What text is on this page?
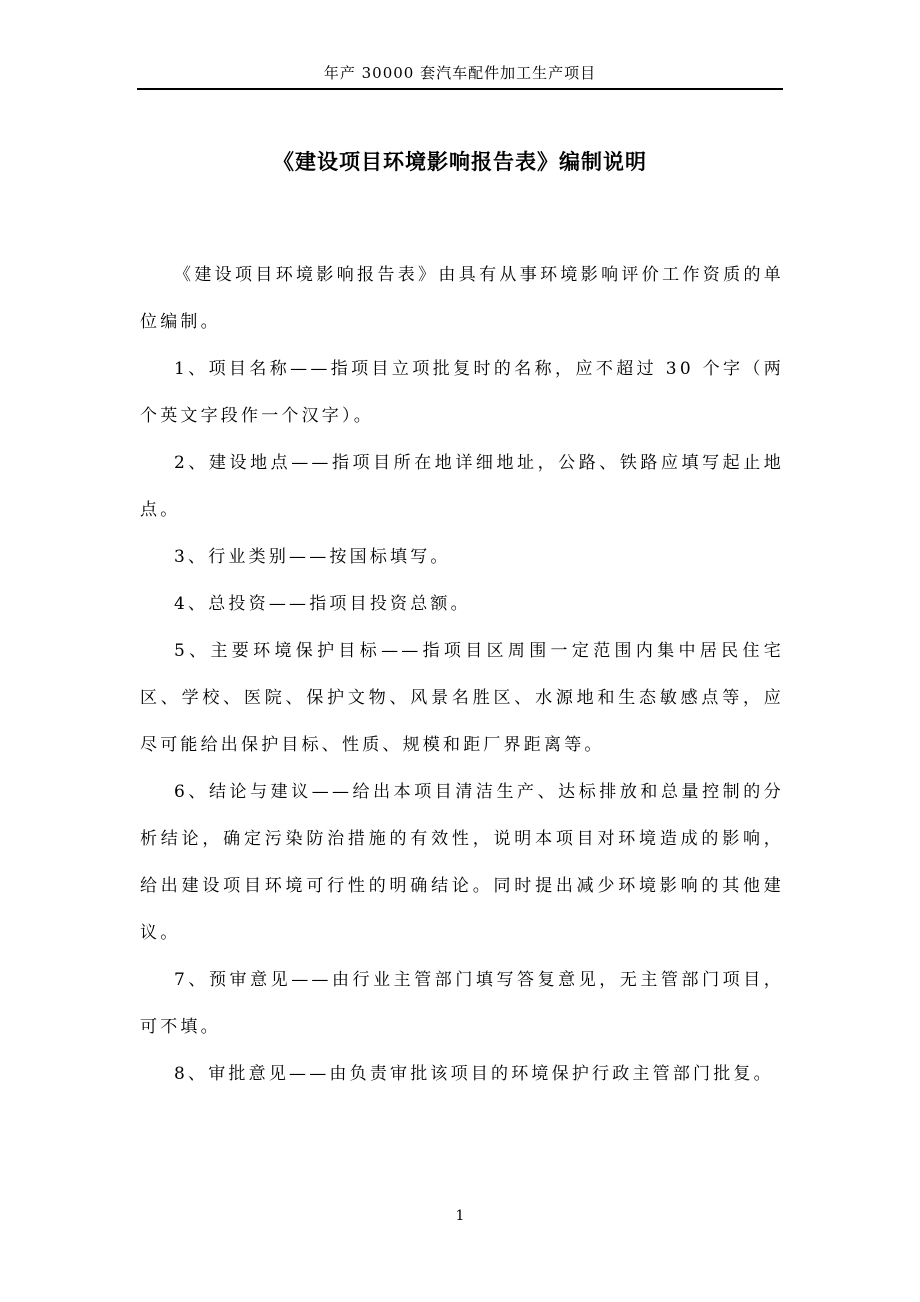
年产 30000 套汽车配件加工生产项目
《建设项目环境影响报告表》编制说明

《建设项目环境影响报告表》由具有从事环境影响评价工作资质的单位编制。

1、项目名称——指项目立项批复时的名称，应不超过 30 个字（两个英文字段作一个汉字）。

2、建设地点——指项目所在地详细地址，公路、铁路应填写起止地点。

3、行业类别——按国标填写。

4、总投资——指项目投资总额。

5、主要环境保护目标——指项目区周围一定范围内集中居民住宅区、学校、医院、保护文物、风景名胜区、水源地和生态敏感点等，应尽可能给出保护目标、性质、规模和距厂界距离等。

6、结论与建议——给出本项目清洁生产、达标排放和总量控制的分析结论，确定污染防治措施的有效性，说明本项目对环境造成的影响，给出建设项目环境可行性的明确结论。同时提出减少环境影响的其他建议。

7、预审意见——由行业主管部门填写答复意见，无主管部门项目，可不填。

8、审批意见——由负责审批该项目的环境保护行政主管部门批复。

1
